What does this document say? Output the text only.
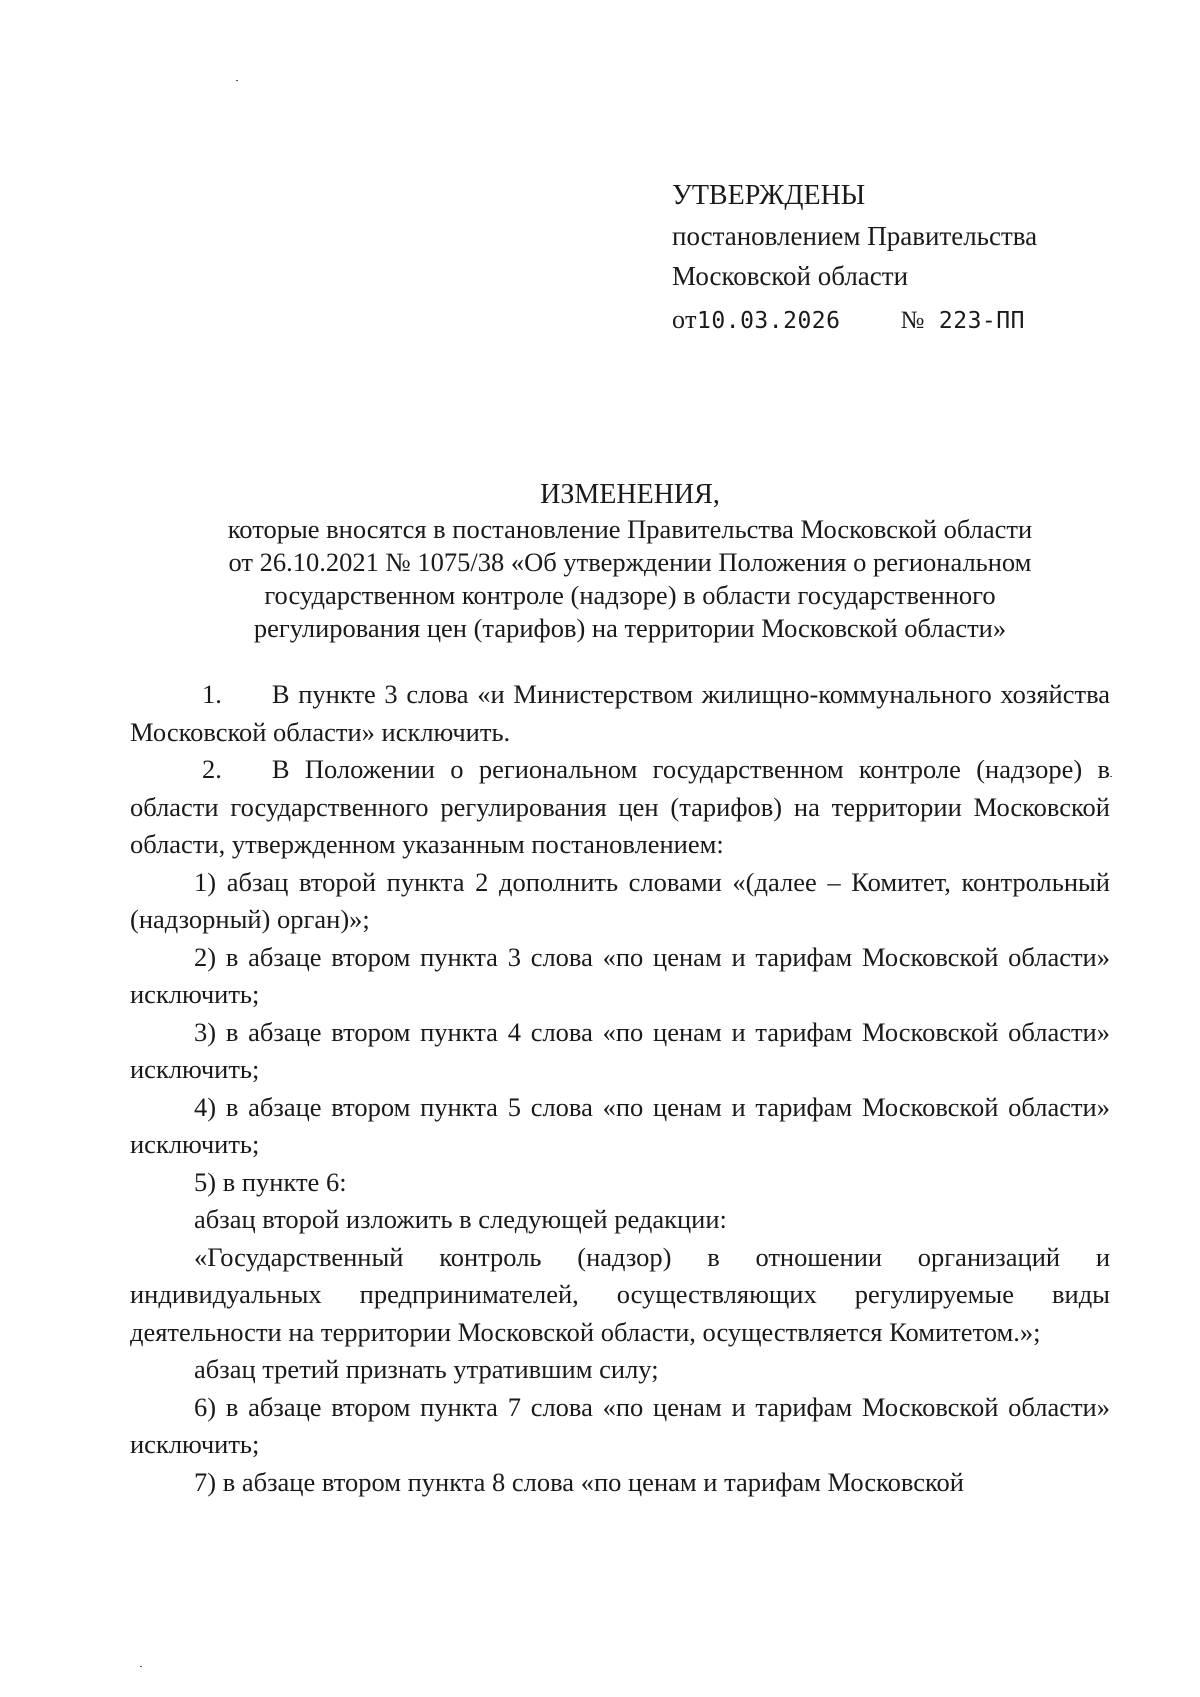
УТВЕРЖДЕНЫ
постановлением Правительства
Московской области
от10.03.2026 № 223-ПП
ИЗМЕНЕНИЯ,
которые вносятся в постановление Правительства Московской области
от 26.10.2021 № 1075/38 «Об утверждении Положения о региональном
государственном контроле (надзоре) в области государственного
регулирования цен (тарифов) на территории Московской области»

1. В пункте 3 слова «и Министерством жилищно-коммунального хозяйства Московской области» исключить.

2. В Положении о региональном государственном контроле (надзоре) в области государственного регулирования цен (тарифов) на территории Московской области, утвержденном указанным постановлением:

1) абзац второй пункта 2 дополнить словами «(далее – Комитет, контрольный (надзорный) орган)»;

2) в абзаце втором пункта 3 слова «по ценам и тарифам Московской области» исключить;

3) в абзаце втором пункта 4 слова «по ценам и тарифам Московской области» исключить;

4) в абзаце втором пункта 5 слова «по ценам и тарифам Московской области» исключить;

5) в пункте 6:

абзац второй изложить в следующей редакции:

«Государственный контроль (надзор) в отношении организаций и индивидуальных предпринимателей, осуществляющих регулируемые виды деятельности на территории Московской области, осуществляется Комитетом.»;

абзац третий признать утратившим силу;

6) в абзаце втором пункта 7 слова «по ценам и тарифам Московской области» исключить;

7) в абзаце втором пункта 8 слова «по ценам и тарифам Московской
